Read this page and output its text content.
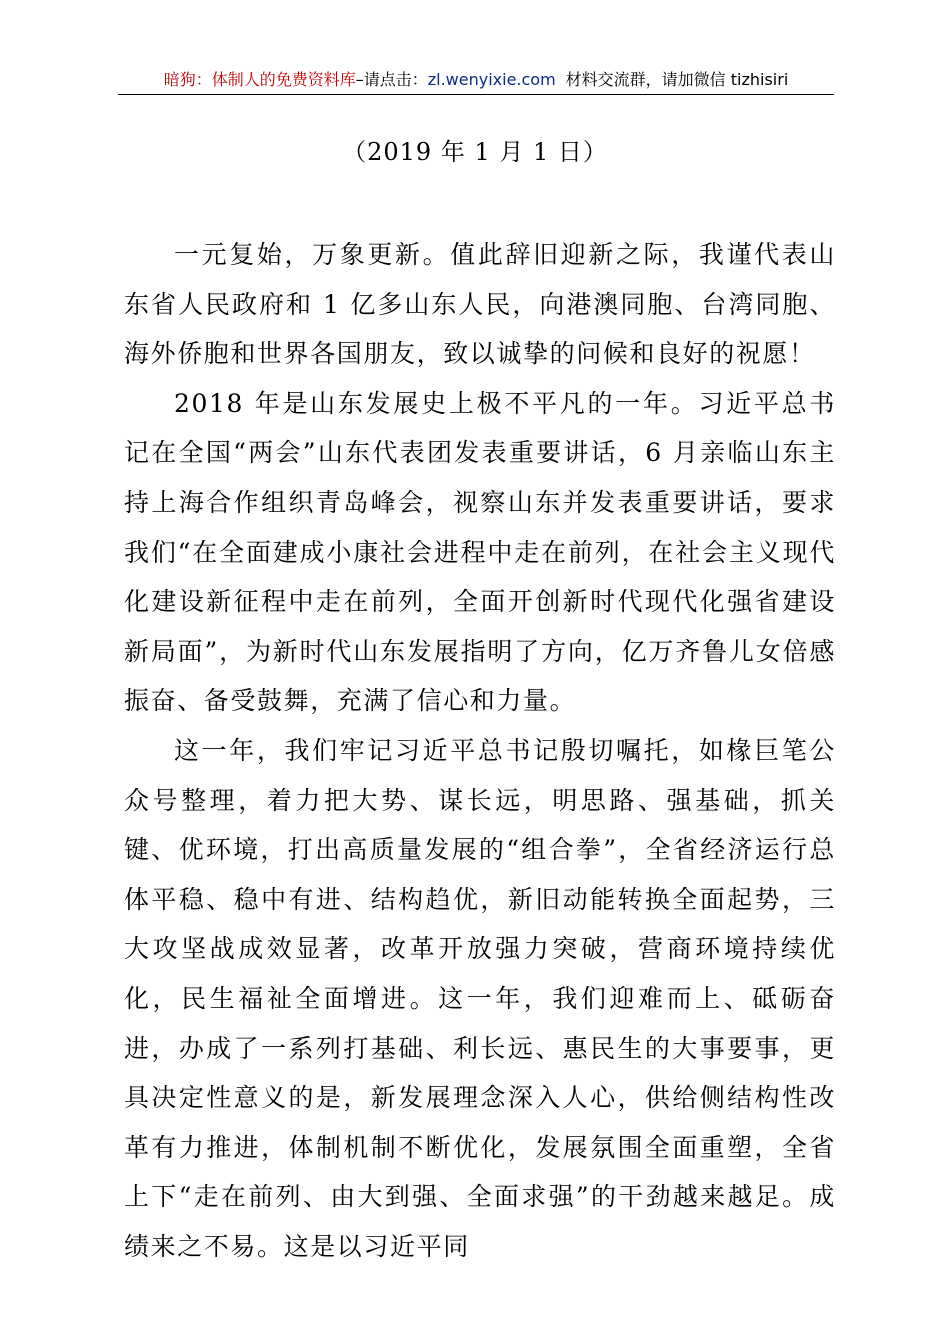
暗狗：体制人的免费资料库–请点击：zl.wenyixie.com 材料交流群，请加微信 tizhisiri
（2019 年 1 月 1 日）

一元复始，万象更新。值此辞旧迎新之际，我谨代表山东省人民政府和 1 亿多山东人民，向港澳同胞、台湾同胞、海外侨胞和世界各国朋友，致以诚挚的问候和良好的祝愿！

2018 年是山东发展史上极不平凡的一年。习近平总书记在全国“两会”山东代表团发表重要讲话，6 月亲临山东主持上海合作组织青岛峰会，视察山东并发表重要讲话，要求我们“在全面建成小康社会进程中走在前列，在社会主义现代化建设新征程中走在前列，全面开创新时代现代化强省建设新局面”，为新时代山东发展指明了方向，亿万齐鲁儿女倍感振奋、备受鼓舞，充满了信心和力量。

这一年，我们牢记习近平总书记殷切嘱托，如椽巨笔公众号整理，着力把大势、谋长远，明思路、强基础，抓关键、优环境，打出高质量发展的“组合拳”，全省经济运行总体平稳、稳中有进、结构趋优，新旧动能转换全面起势，三大攻坚战成效显著，改革开放强力突破，营商环境持续优化，民生福祉全面增进。这一年，我们迎难而上、砥砺奋进，办成了一系列打基础、利长远、惠民生的大事要事，更具决定性意义的是，新发展理念深入人心，供给侧结构性改革有力推进，体制机制不断优化，发展氛围全面重塑，全省上下“走在前列、由大到强、全面求强”的干劲越来越足。成绩来之不易。这是以习近平同
